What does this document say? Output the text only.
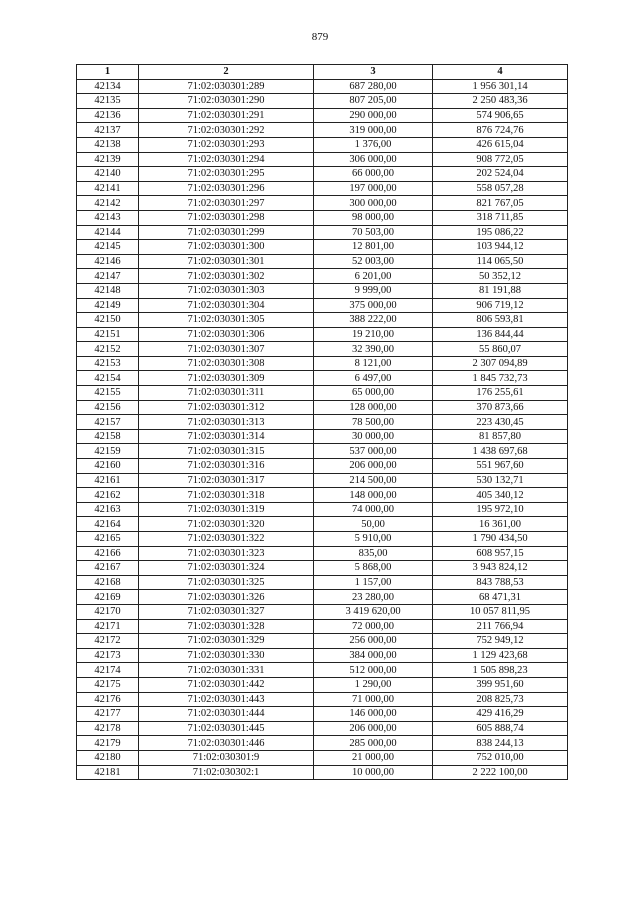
879
1	2	3	4
42134	71:02:030301:289	687 280,00	1 956 301,14
42135	71:02:030301:290	807 205,00	2 250 483,36
42136	71:02:030301:291	290 000,00	574 906,65
42137	71:02:030301:292	319 000,00	876 724,76
42138	71:02:030301:293	1 376,00	426 615,04
42139	71:02:030301:294	306 000,00	908 772,05
42140	71:02:030301:295	66 000,00	202 524,04
42141	71:02:030301:296	197 000,00	558 057,28
42142	71:02:030301:297	300 000,00	821 767,05
42143	71:02:030301:298	98 000,00	318 711,85
42144	71:02:030301:299	70 503,00	195 086,22
42145	71:02:030301:300	12 801,00	103 944,12
42146	71:02:030301:301	52 003,00	114 065,50
42147	71:02:030301:302	6 201,00	50 352,12
42148	71:02:030301:303	9 999,00	81 191,88
42149	71:02:030301:304	375 000,00	906 719,12
42150	71:02:030301:305	388 222,00	806 593,81
42151	71:02:030301:306	19 210,00	136 844,44
42152	71:02:030301:307	32 390,00	55 860,07
42153	71:02:030301:308	8 121,00	2 307 094,89
42154	71:02:030301:309	6 497,00	1 845 732,73
42155	71:02:030301:311	65 000,00	176 255,61
42156	71:02:030301:312	128 000,00	370 873,66
42157	71:02:030301:313	78 500,00	223 430,45
42158	71:02:030301:314	30 000,00	81 857,80
42159	71:02:030301:315	537 000,00	1 438 697,68
42160	71:02:030301:316	206 000,00	551 967,60
42161	71:02:030301:317	214 500,00	530 132,71
42162	71:02:030301:318	148 000,00	405 340,12
42163	71:02:030301:319	74 000,00	195 972,10
42164	71:02:030301:320	50,00	16 361,00
42165	71:02:030301:322	5 910,00	1 790 434,50
42166	71:02:030301:323	835,00	608 957,15
42167	71:02:030301:324	5 868,00	3 943 824,12
42168	71:02:030301:325	1 157,00	843 788,53
42169	71:02:030301:326	23 280,00	68 471,31
42170	71:02:030301:327	3 419 620,00	10 057 811,95
42171	71:02:030301:328	72 000,00	211 766,94
42172	71:02:030301:329	256 000,00	752 949,12
42173	71:02:030301:330	384 000,00	1 129 423,68
42174	71:02:030301:331	512 000,00	1 505 898,23
42175	71:02:030301:442	1 290,00	399 951,60
42176	71:02:030301:443	71 000,00	208 825,73
42177	71:02:030301:444	146 000,00	429 416,29
42178	71:02:030301:445	206 000,00	605 888,74
42179	71:02:030301:446	285 000,00	838 244,13
42180	71:02:030301:9	21 000,00	752 010,00
42181	71:02:030302:1	10 000,00	2 222 100,00
